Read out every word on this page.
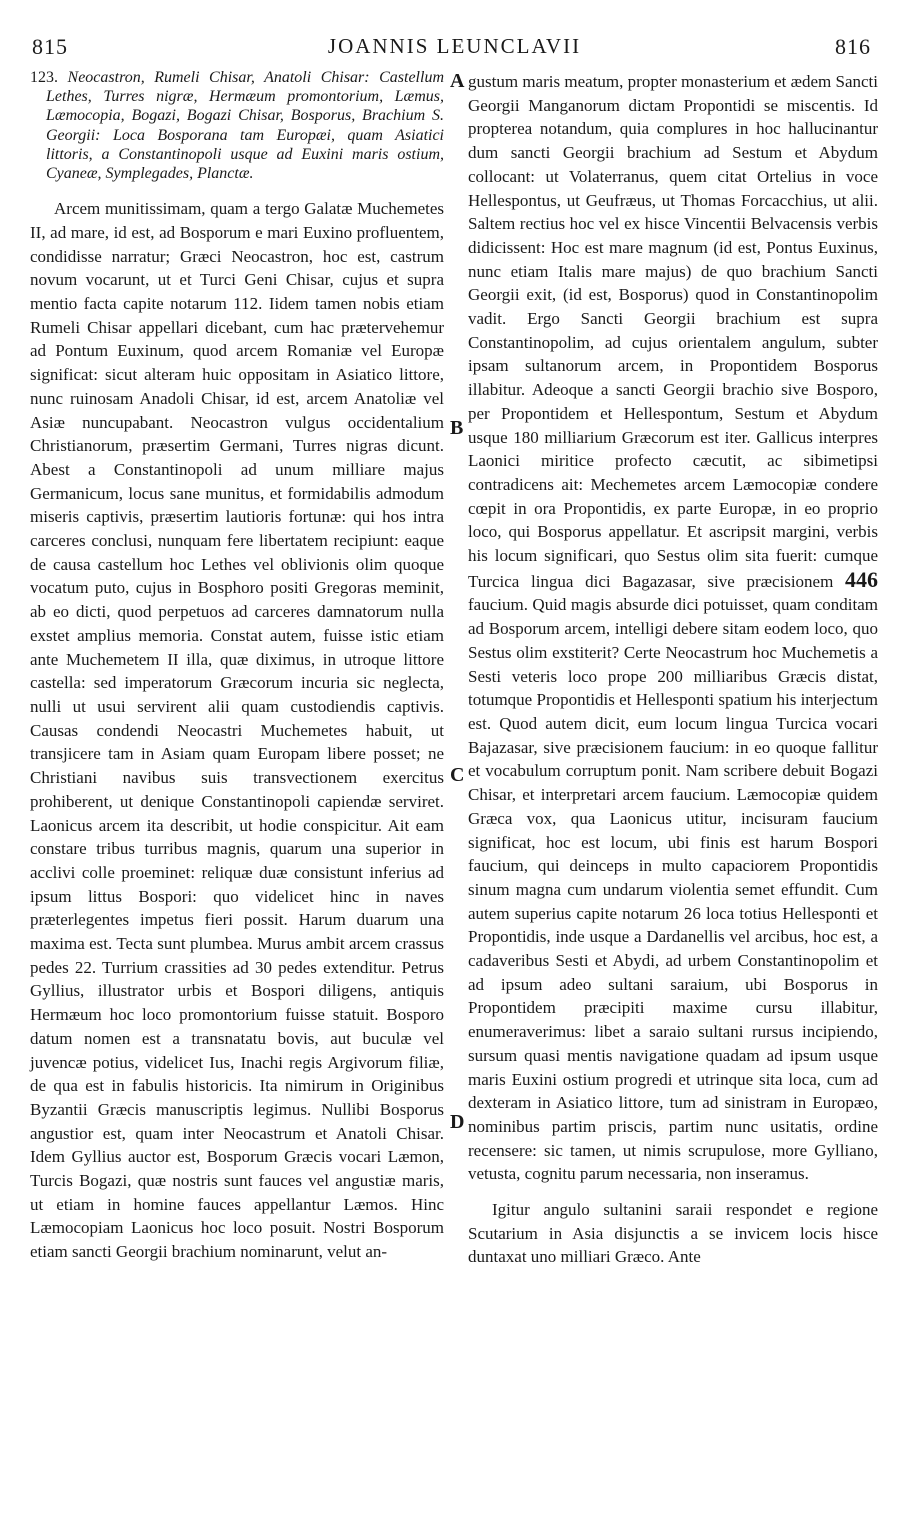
815	JOANNIS LEUNCLAVII	816

123. Neocastron, Rumeli Chisar, Anatoli Chisar: Castellum Lethes, Turres nigræ, Hermæum promontorium, Læmus, Læmocopia, Bogazi, Bogazi Chisar, Bosporus, Brachium S. Georgii: Loca Bosporana tam Europæi, quam Asiatici littoris, a Constantinopoli usque ad Euxini maris ostium, Cyaneæ, Symplegades, Planctæ.

Arcem munitissimam, quam a tergo Galatæ Muchemetes II, ad mare, id est, ad Bosporum e mari Euxino profluentem, condidisse narratur; Græci Neocastron, hoc est, castrum novum vocarunt, ut et Turci Geni Chisar, cujus et supra mentio facta capite notarum 112. Iidem tamen nobis etiam Rumeli Chisar appellari dicebant, cum hac prætervehemur ad Pontum Euxinum, quod arcem Romaniæ vel Europæ significat: sicut alteram huic oppositam in Asiatico littore, nunc ruinosam Anadoli Chisar, id est, arcem Anatoliæ vel Asiæ nuncupabant. Neocastron vulgus occidentalium Christianorum, præsertim Germani, Turres nigras dicunt. Abest a Constantinopoli ad unum milliare majus Germanicum, locus sane munitus, et formidabilis admodum miseris captivis, præsertim lautioris fortunæ: qui hos intra carceres conclusi, nunquam fere libertatem recipiunt: eaque de causa castellum hoc Lethes vel oblivionis olim quoque vocatum puto, cujus in Bosphoro positi Gregoras meminit, ab eo dicti, quod perpetuos ad carceres damnatorum nulla exstet amplius memoria. Constat autem, fuisse istic etiam ante Muchemetem II illa, quæ diximus, in utroque littore castella: sed imperatorum Græcorum incuria sic neglecta, nulli ut usui servirent alii quam custodiendis captivis. Causas condendi Neocastri Muchemetes habuit, ut transjicere tam in Asiam quam Europam libere posset; ne Christiani navibus suis transvectionem exercitus prohiberent, ut denique Constantinopoli capiendæ serviret. Laonicus arcem ita describit, ut hodie conspicitur. Ait eam constare tribus turribus magnis, quarum una superior in acclivi colle proeminet: reliquæ duæ consistunt inferius ad ipsum littus Bospori: quo videlicet hinc in naves præterlegentes impetus fieri possit. Harum duarum una maxima est. Tecta sunt plumbea. Murus ambit arcem crassus pedes 22. Turrium crassities ad 30 pedes extenditur. Petrus Gyllius, illustrator urbis et Bospori diligens, antiquis Hermæum hoc loco promontorium fuisse statuit. Bosporo datum nomen est a transnatatu bovis, aut buculæ vel juvencæ potius, videlicet Ius, Inachi regis Argivorum filiæ, de qua est in fabulis historicis. Ita nimirum in Originibus Byzantii Græcis manuscriptis legimus. Nullibi Bosporus angustior est, quam inter Neocastrum et Anatoli Chisar. Idem Gyllius auctor est, Bosporum Græcis vocari Læmon, Turcis Bogazi, quæ nostris sunt fauces vel angustiæ maris, ut etiam in homine fauces appellantur Læmos. Hinc Læmocopiam Laonicus hoc loco posuit. Nostri Bosporum etiam sancti Georgii brachium nominarunt, velut an-

gustum maris meatum, propter monasterium et ædem Sancti Georgii Manganorum dictam Propontidi se miscentis. Id propterea notandum, quia complures in hoc hallucinantur dum sancti Georgii brachium ad Sestum et Abydum collocant: ut Volaterranus, quem citat Ortelius in voce Hellespontus, ut Geufræus, ut Thomas Forcacchius, ut alii. Saltem rectius hoc vel ex hisce Vincentii Belvacensis verbis didicissent: Hoc est mare magnum (id est, Pontus Euxinus, nunc etiam Italis mare majus) de quo brachium Sancti Georgii exit, (id est, Bosporus) quod in Constantinopolim vadit. Ergo Sancti Georgii brachium est supra Constantinopolim, ad cujus orientalem angulum, subter ipsam sultanorum arcem, in Propontidem Bosporus illabitur. Adeoque a sancti Georgii brachio sive Bosporo, per Propontidem et Hellespontum, Sestum et Abydum usque 180 milliarium Græcorum est iter. Gallicus interpres Laonici miritice profecto cæcutit, ac sibimetipsi contradicens ait: Mechemetes arcem Læmocopiæ condere cœpit in ora Propontidis, ex parte Europæ, in eo proprio loco, qui Bosporus appellatur. Et ascripsit margini, verbis his locum significari, quo Sestus olim sita fuerit: cumque Turcica lingua dici Bagazasar, sive præcisionem 446 faucium. Quid magis absurde dici potuisset, quam conditam ad Bosporum arcem, intelligi debere sitam eodem loco, quo Sestus olim exstiterit? Certe Neocastrum hoc Muchemetis a Sesti veteris loco prope 200 milliaribus Græcis distat, totumque Propontidis et Hellesponti spatium his interjectum est. Quod autem dicit, eum locum lingua Turcica vocari Bajazasar, sive præcisionem faucium: in eo quoque fallitur et vocabulum corruptum ponit. Nam scribere debuit Bogazi Chisar, et interpretari arcem faucium. Læmocopiæ quidem Græca vox, qua Laonicus utitur, incisuram faucium significat, hoc est locum, ubi finis est harum Bospori faucium, qui deinceps in multo capaciorem Propontidis sinum magna cum undarum violentia semet effundit. Cum autem superius capite notarum 26 loca totius Hellesponti et Propontidis, inde usque a Dardanellis vel arcibus, hoc est, a cadaveribus Sesti et Abydi, ad urbem Constantinopolim et ad ipsum adeo sultani saraium, ubi Bosporus in Propontidem præcipiti maxime cursu illabitur, enumeraverimus: libet a saraio sultani rursus incipiendo, sursum quasi mentis navigatione quadam ad ipsum usque maris Euxini ostium progredi et utrinque sita loca, cum ad dexteram in Asiatico littore, tum ad sinistram in Europæo, nominibus partim priscis, partim nunc usitatis, ordine recensere: sic tamen, ut nimis scrupulose, more Gylliano, vetusta, cognitu parum necessaria, non inseramus.

Igitur angulo sultanini saraii respondet e regione Scutarium in Asia disjunctis a se invicem locis hisce duntaxat uno milliari Græco. Ante

A
B
C
D
